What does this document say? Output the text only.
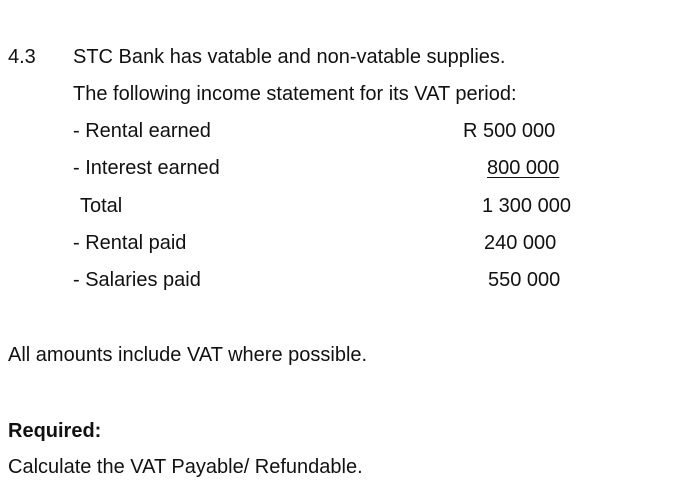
4.3 STC Bank has vatable and non-vatable supplies.
The following income statement for its VAT period:
- Rental earned	R 500 000
- Interest earned	800 000
Total	1 300 000
- Rental paid	240 000
- Salaries paid	550 000
All amounts include VAT where possible.
Required:
Calculate the VAT Payable/ Refundable.
